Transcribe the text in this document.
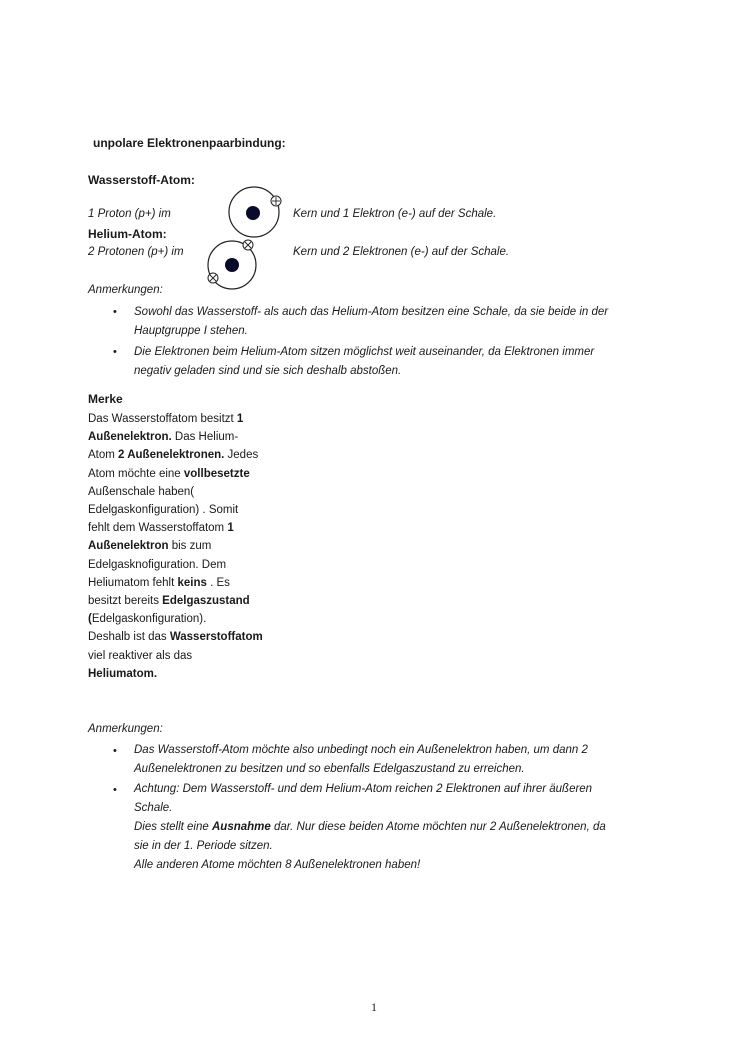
unpolare Elektronenpaarbindung:
Wasserstoff-Atom:
1 Proton (p+) im	Kern und 1 Elektron (e-) auf der Schale.
Helium-Atom:
2 Protonen (p+) im	Kern und 2 Elektronen (e-) auf der Schale.
Anmerkungen:
• Sowohl das Wasserstoff- als auch das Helium-Atom besitzen eine Schale, da sie beide in der
Hauptgruppe I stehen.
• Die Elektronen beim Helium-Atom sitzen möglichst weit auseinander, da Elektronen immer
negativ geladen sind und sie sich deshalb abstoßen.
Merke
Das Wasserstoffatom besitzt 1
Außenelektron. Das Helium-
Atom 2 Außenelektronen. Jedes
Atom möchte eine vollbesetzte
Außenschale haben(
Edelgaskonfiguration) . Somit
fehlt dem Wasserstoffatom 1
Außenelektron bis zum
Edelgasknofiguration. Dem
Heliumatom fehlt keins . Es
besitzt bereits Edelgaszustand
(Edelgaskonfiguration).
Deshalb ist das Wasserstoffatom
viel reaktiver als das
Heliumatom.
Anmerkungen:
• Das Wasserstoff-Atom möchte also unbedingt noch ein Außenelektron haben, um dann 2
Außenelektronen zu besitzen und so ebenfalls Edelgaszustand zu erreichen.
• Achtung: Dem Wasserstoff- und dem Helium-Atom reichen 2 Elektronen auf ihrer äußeren
Schale.
Dies stellt eine Ausnahme dar. Nur diese beiden Atome möchten nur 2 Außenelektronen, da
sie in der 1. Periode sitzen.
Alle anderen Atome möchten 8 Außenelektronen haben!
1
